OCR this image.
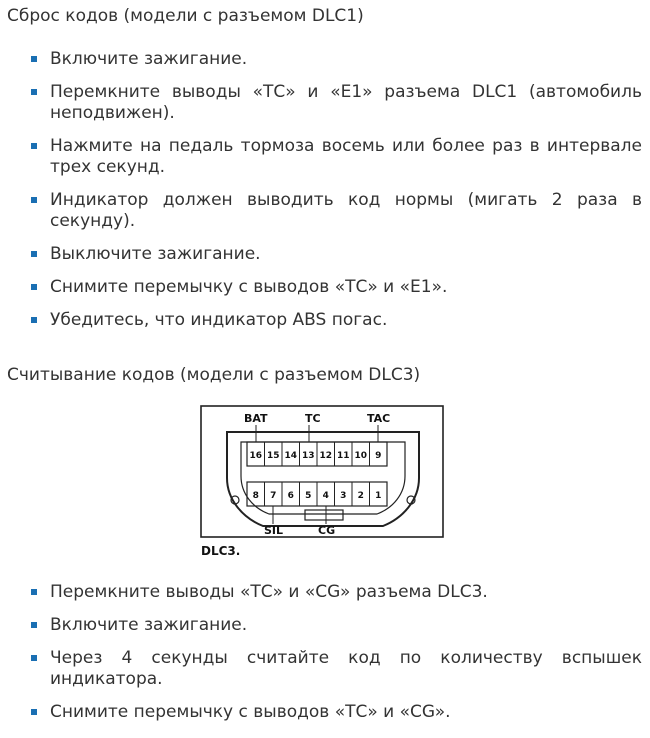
Сброс кодов (модели с разъемом DLC1)
Включите зажигание.
Перемкните выводы «ТС» и «Е1» разъема DLC1 (автомобиль неподвижен).
Нажмите на педаль тормоза восемь или более раз в интервале трех секунд.
Индикатор должен выводить код нормы (мигать 2 раза в секунду).
Выключите зажигание.
Снимите перемычку с выводов «ТС» и «Е1».
Убедитесь, что индикатор ABS погас.
Считывание кодов (модели с разъемом DLC3)
BAT	TC	TAC
16 15 14 13 12 11 10 9
8 7 6 5 4 3 2 1
SIL	CG
DLC3.
Перемкните выводы «ТС» и «CG» разъема DLC3.
Включите зажигание.
Через 4 секунды считайте код по количеству вспышек индикатора.
Снимите перемычку с выводов «ТС» и «CG».
